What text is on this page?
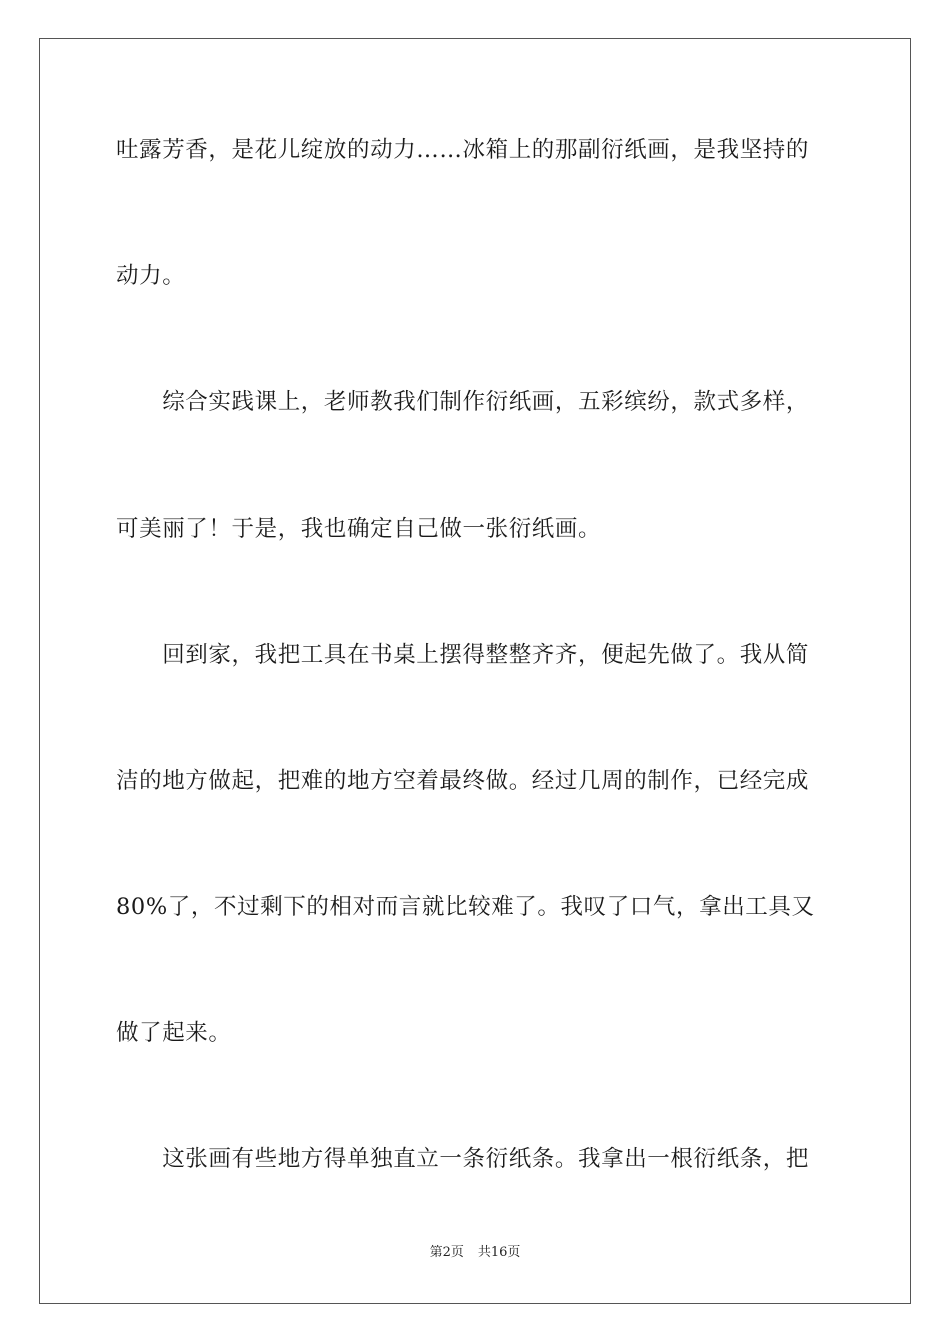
吐露芳香，是花儿绽放的动力……冰箱上的那副衍纸画，是我坚持的
动力。
　　综合实践课上，老师教我们制作衍纸画，五彩缤纷，款式多样，
可美丽了！于是，我也确定自己做一张衍纸画。
　　回到家，我把工具在书桌上摆得整整齐齐，便起先做了。我从简
洁的地方做起，把难的地方空着最终做。经过几周的制作，已经完成
80%了，不过剩下的相对而言就比较难了。我叹了口气，拿出工具又
做了起来。
　　这张画有些地方得单独直立一条衍纸条。我拿出一根衍纸条，把
第2页 共16页
